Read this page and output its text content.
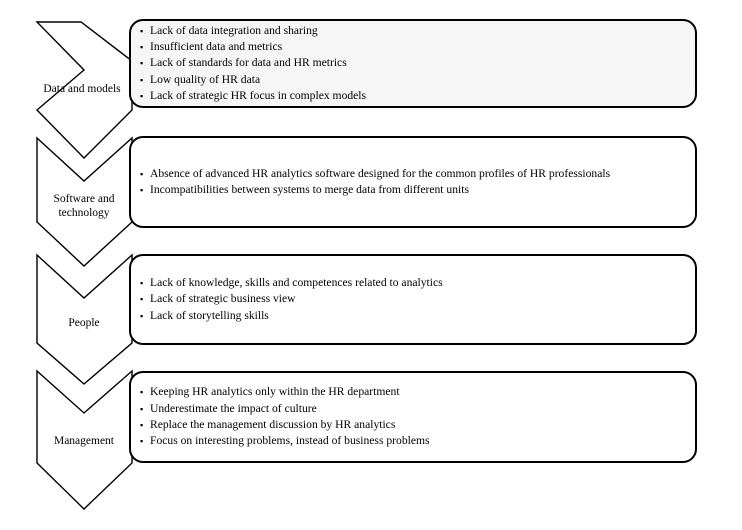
Data and models
▪ Lack of data integration and sharing
▪ Insufficient data and metrics
▪ Lack of standards for data and HR metrics
▪ Low quality of HR data
▪ Lack of strategic HR focus in complex models
Software and technology
▪ Absence of advanced HR analytics software designed for the common profiles of HR professionals
▪ Incompatibilities between systems to merge data from different units
People
▪ Lack of knowledge, skills and competences related to analytics
▪ Lack of strategic business view
▪ Lack of storytelling skills
Management
▪ Keeping HR analytics only within the HR department
▪ Underestimate the impact of culture
▪ Replace the management discussion by HR analytics
▪ Focus on interesting problems, instead of business problems
